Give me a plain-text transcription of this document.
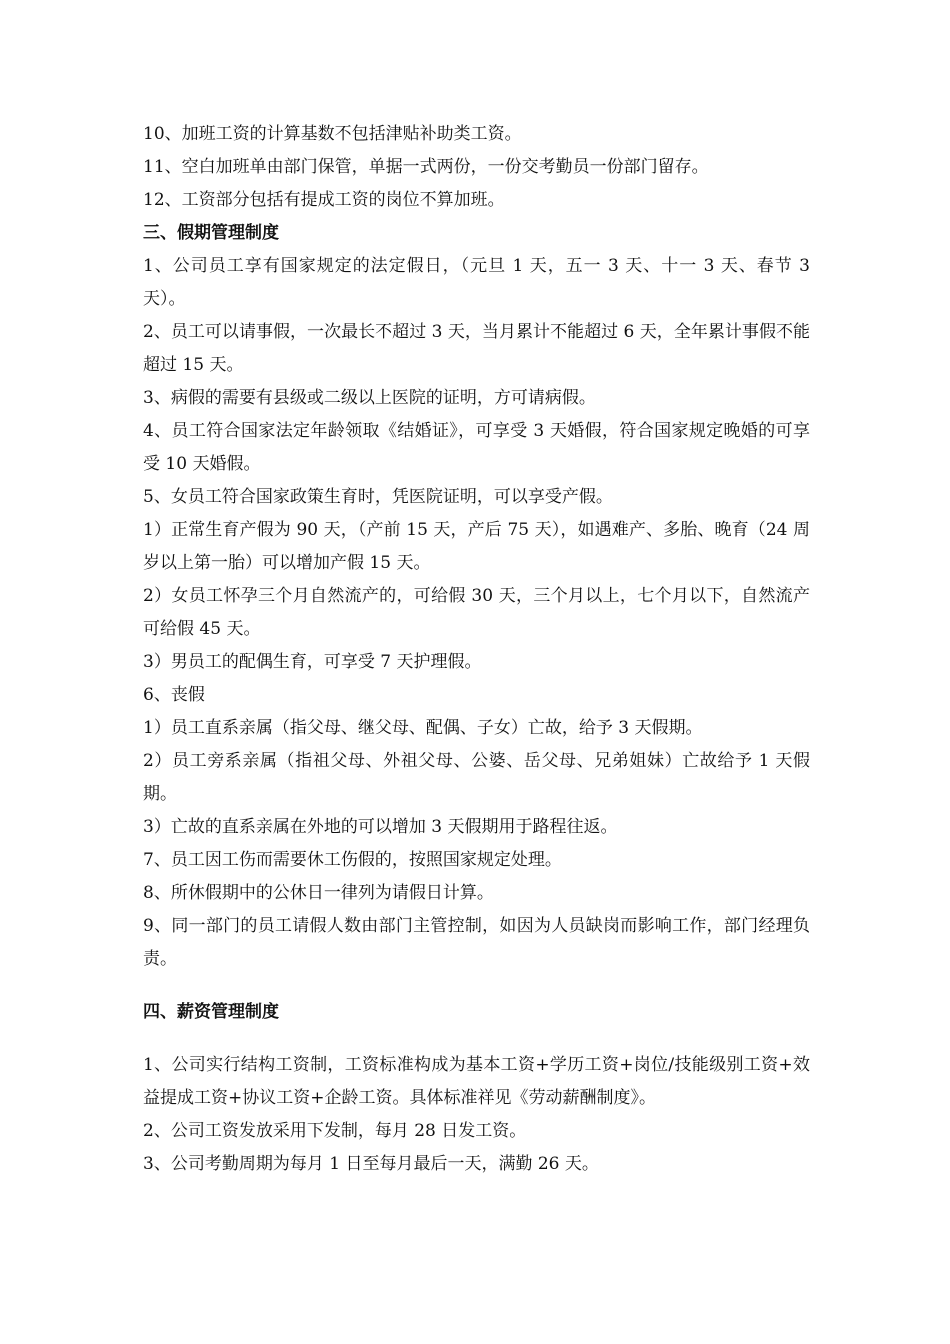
10、加班工资的计算基数不包括津贴补助类工资。

11、空白加班单由部门保管，单据一式两份，一份交考勤员一份部门留存。

12、工资部分包括有提成工资的岗位不算加班。

三、假期管理制度

1、公司员工享有国家规定的法定假日，（元旦 1 天，五一 3 天、十一 3 天、春节 3 天）。

2、员工可以请事假，一次最长不超过 3 天，当月累计不能超过 6 天，全年累计事假不能超过 15 天。

3、病假的需要有县级或二级以上医院的证明，方可请病假。

4、员工符合国家法定年龄领取《结婚证》，可享受 3 天婚假，符合国家规定晚婚的可享受 10 天婚假。

5、女员工符合国家政策生育时，凭医院证明，可以享受产假。

1）正常生育产假为 90 天，（产前 15 天，产后 75 天），如遇难产、多胎、晚育（24 周岁以上第一胎）可以增加产假 15 天。

2）女员工怀孕三个月自然流产的，可给假 30 天，三个月以上，七个月以下，自然流产可给假 45 天。

3）男员工的配偶生育，可享受 7 天护理假。

6、丧假

1）员工直系亲属（指父母、继父母、配偶、子女）亡故，给予 3 天假期。

2）员工旁系亲属（指祖父母、外祖父母、公婆、岳父母、兄弟姐妹）亡故给予 1 天假期。

3）亡故的直系亲属在外地的可以增加 3 天假期用于路程往返。

7、员工因工伤而需要休工伤假的，按照国家规定处理。

8、所休假期中的公休日一律列为请假日计算。

9、同一部门的员工请假人数由部门主管控制，如因为人员缺岗而影响工作，部门经理负责。

四、薪资管理制度

1、公司实行结构工资制，工资标准构成为基本工资+学历工资+岗位/技能级别工资+效益提成工资+协议工资+企龄工资。具体标准祥见《劳动薪酬制度》。

2、公司工资发放采用下发制，每月 28 日发工资。

3、公司考勤周期为每月 1 日至每月最后一天，满勤 26 天。
